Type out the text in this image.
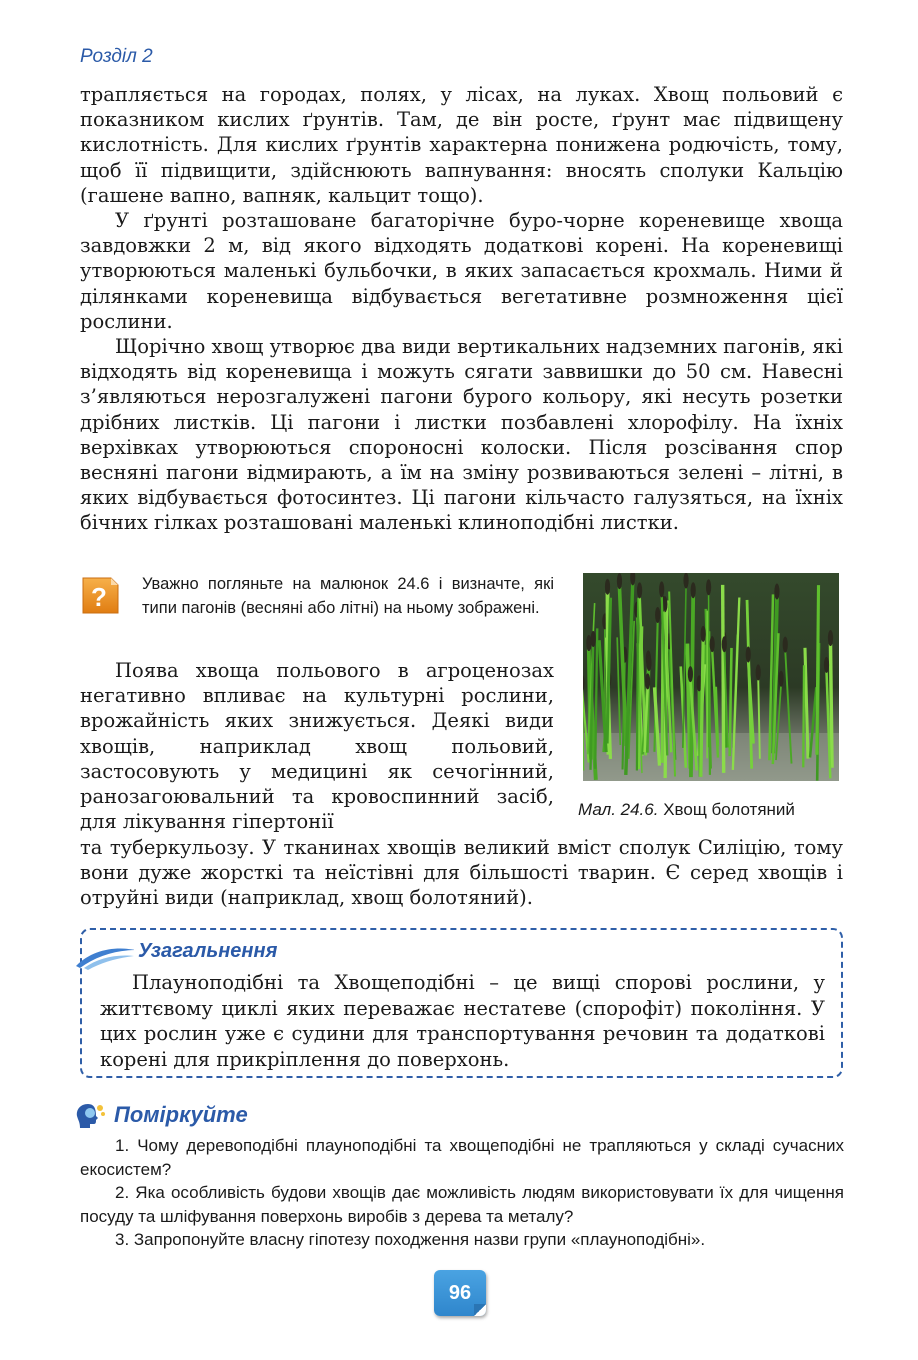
Розділ 2

трапляється на городах, полях, у лісах, на луках. Хвощ польовий є показником кислих ґрунтів. Там, де він росте, ґрунт має підвищену кислотність. Для кислих ґрунтів характерна понижена родючість, тому, щоб її підвищити, здійснюють вапнування: вносять сполуки Кальцію (гашене вапно, вапняк, кальцит тощо).

У ґрунті розташоване багаторічне буро-чорне кореневище хвоща завдовжки 2 м, від якого відходять додаткові корені. На кореневищі утворюються маленькі бульбочки, в яких запасається крохмаль. Ними й ділянками кореневища відбувається вегетативне розмноження цієї рослини.

Щорічно хвощ утворює два види вертикальних надземних пагонів, які відходять від кореневища і можуть сягати заввишки до 50 см. Навесні з’являються нерозгалужені пагони бурого кольору, які несуть розетки дрібних листків. Ці пагони і листки позбавлені хлорофілу. На їхніх верхівках утворюються спороносні колоски. Після розсівання спор весняні пагони відмирають, а їм на зміну розвиваються зелені – літні, в яких відбувається фотосинтез. Ці пагони кільчасто галузяться, на їхніх бічних гілках розташовані маленькі клиноподібні листки.

? Уважно погляньте на малюнок 24.6 і визначте, які типи пагонів (весняні або літні) на ньому зображені.
Мал. 24.6. Хвощ болотяний

Поява хвоща польового в агроценозах негативно впливає на культурні рослини, врожайність яких знижується. Деякі види хвощів, наприклад хвощ польовий, застосовують у медицині як сечогінний, ранозагоювальний та кровоспинний засіб, для лікування гіпертонії

та туберкульозу. У тканинах хвощів великий вміст сполук Силіцію, тому вони дуже жорсткі та неїстівні для більшості тварин. Є серед хвощів і отруйні види (наприклад, хвощ болотяний).
Узагальнення

Плауноподібні та Хвощеподібні – це вищі спорові рослини, у життєвому циклі яких переважає нестатеве (спорофіт) покоління. У цих рослин уже є судини для транспортування речовин та додаткові корені для прикріплення до поверхонь.

Поміркуйте

1. Чому деревоподібні плауноподібні та хвощеподібні не трапляються у складі сучасних екосистем?

2. Яка особливість будови хвощів дає можливість людям використовувати їх для чищення посуду та шліфування поверхонь виробів з дерева та металу?

3. Запропонуйте власну гіпотезу походження назви групи «плауноподібні».

96
